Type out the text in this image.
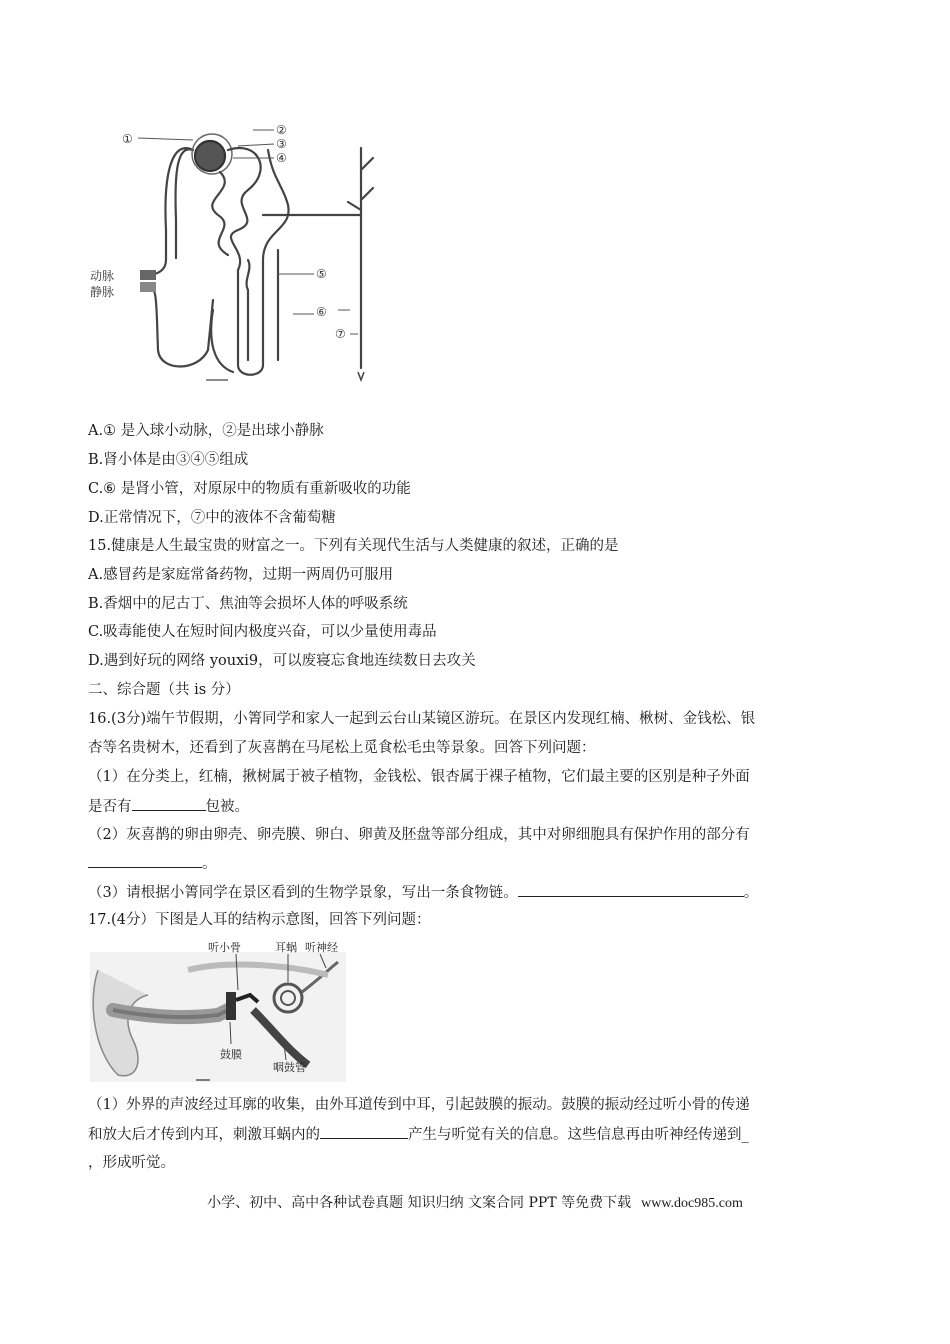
动脉
静脉
①
②
③
④
⑤
⑥
⑦
A.① 是入球小动脉，②是出球小静脉
B.肾小体是由③④⑤组成
C.⑥ 是肾小管，对原尿中的物质有重新吸收的功能
D.正常情况下，⑦中的液体不含葡萄糖
15.健康是人生最宝贵的财富之一。下列有关现代生活与人类健康的叙述，正确的是
A.感冒药是家庭常备药物，过期一两周仍可服用
B.香烟中的尼古丁、焦油等会损坏人体的呼吸系统
C.吸毒能使人在短时间内极度兴奋，可以少量使用毒品
D.遇到好玩的网络 youxi9，可以废寝忘食地连续数日去攻关
二、综合题（共 is 分）
16.(3分)端午节假期，小箐同学和家人一起到云台山某镜区游玩。在景区内发现红楠、楸树、金钱松、银
杏等名贵树木，还看到了灰喜鹊在马尾松上觅食松毛虫等景象。回答下列问题：
（1）在分类上，红楠，揪树属于被子植物，金钱松、银杏属于裸子植物，它们最主要的区别是种子外面
是否有	包被。
（2）灰喜鹊的卵由卵壳、卵壳膜、卵白、卵黄及胚盘等部分组成，其中对卵细胞具有保护作用的部分有
。
（3）请根据小箐同学在景区看到的生物学景象，写出一条食物链。	。
17.(4分）下图是人耳的结构示意图，回答下列问题：
听小骨	耳蜗 听神经
鼓膜
咽鼓管
（1）外界的声波经过耳廓的收集，由外耳道传到中耳，引起鼓膜的振动。鼓膜的振动经过听小骨的传递
和放大后才传到内耳，刺激耳蜗内的	产生与听觉有关的信息。这些信息再由听神经传递到_
，形成听觉。
小学、初中、高中各种试卷真题 知识归纳 文案合同 PPT 等免费下载 www.doc985.com
